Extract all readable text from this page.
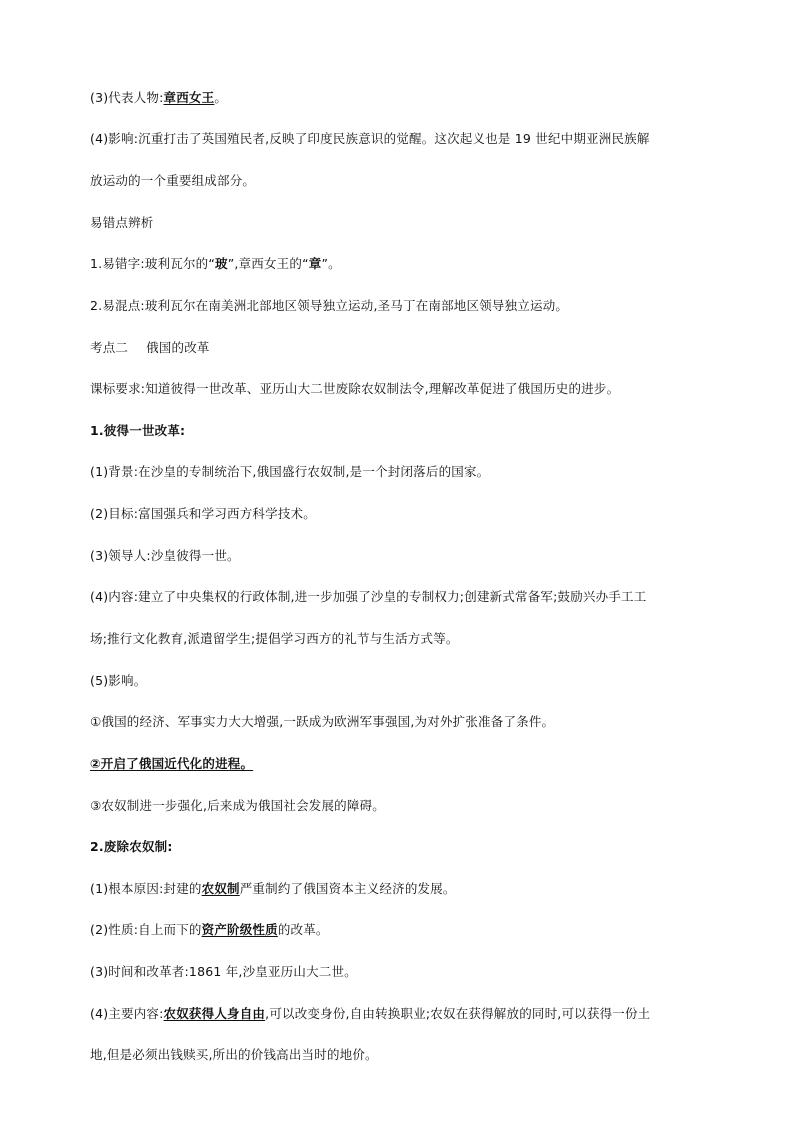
(3)代表人物:章西女王。
(4)影响:沉重打击了英国殖民者,反映了印度民族意识的觉醒。这次起义也是 19 世纪中期亚洲民族解
放运动的一个重要组成部分。
易错点辨析
1.易错字:玻利瓦尔的“玻”,章西女王的“章”。
2.易混点:玻利瓦尔在南美洲北部地区领导独立运动,圣马丁在南部地区领导独立运动。
考点二 俄国的改革
课标要求:知道彼得一世改革、亚历山大二世废除农奴制法令,理解改革促进了俄国历史的进步。
1.彼得一世改革:
(1)背景:在沙皇的专制统治下,俄国盛行农奴制,是一个封闭落后的国家。
(2)目标:富国强兵和学习西方科学技术。
(3)领导人:沙皇彼得一世。
(4)内容:建立了中央集权的行政体制,进一步加强了沙皇的专制权力;创建新式常备军;鼓励兴办手工工
场;推行文化教育,派遣留学生;提倡学习西方的礼节与生活方式等。
(5)影响。
①俄国的经济、军事实力大大增强,一跃成为欧洲军事强国,为对外扩张准备了条件。
②开启了俄国近代化的进程。
③农奴制进一步强化,后来成为俄国社会发展的障碍。
2.废除农奴制:
(1)根本原因:封建的农奴制严重制约了俄国资本主义经济的发展。
(2)性质:自上而下的资产阶级性质的改革。
(3)时间和改革者:1861 年,沙皇亚历山大二世。
(4)主要内容:农奴获得人身自由,可以改变身份,自由转换职业;农奴在获得解放的同时,可以获得一份土
地,但是必须出钱赎买,所出的价钱高出当时的地价。
